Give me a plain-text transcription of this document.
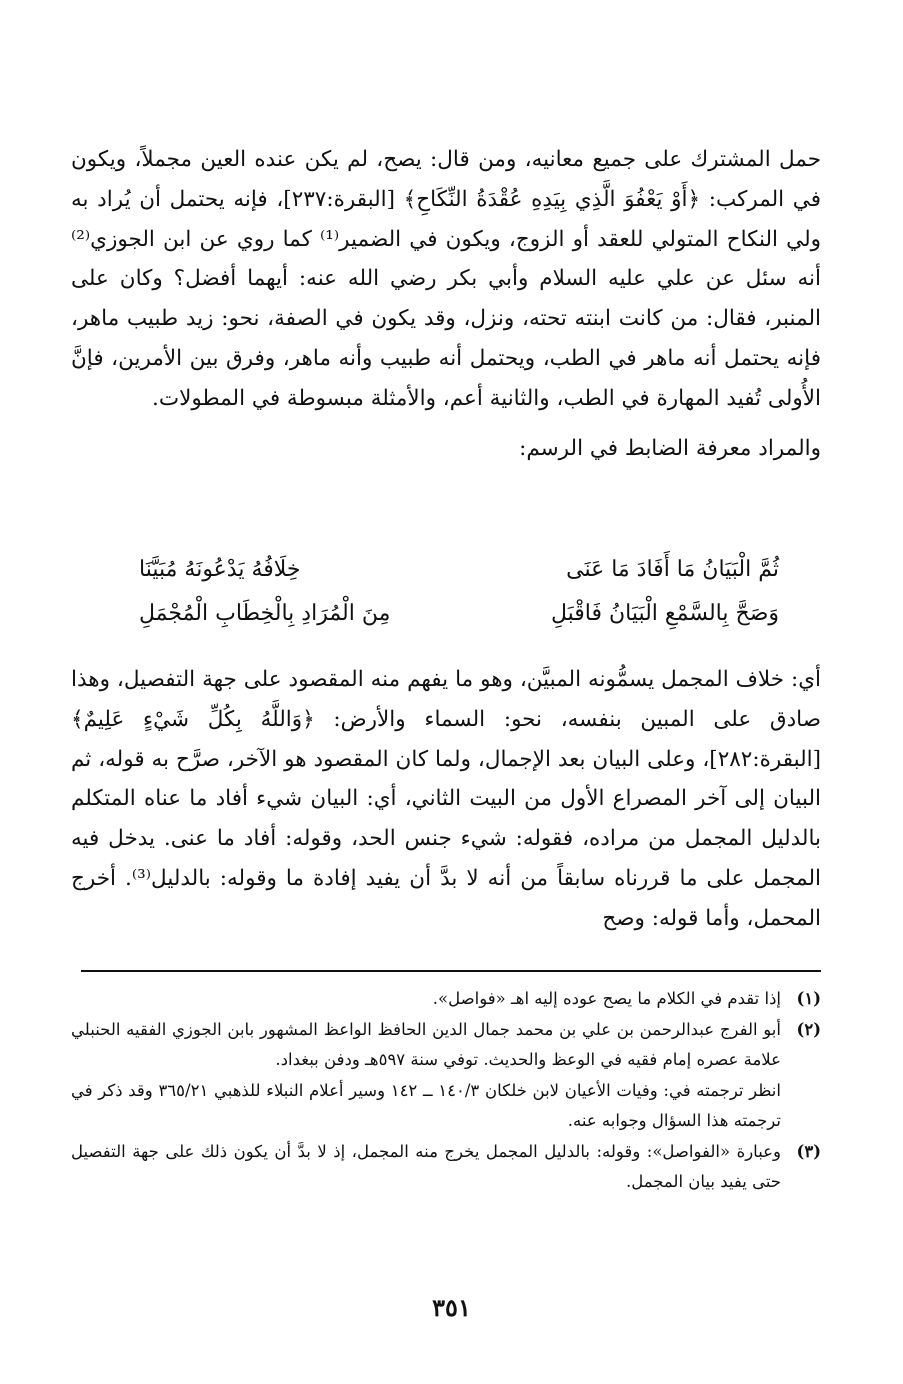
حمل المشترك على جميع معانيه، ومن قال: يصح، لم يكن عنده العين مجملاً، ويكون في المركب: ﴿أَوْ يَعْفُوَ الَّذِي بِيَدِهِ عُقْدَةُ النِّكَاحِ﴾ [البقرة:٢٣٧]، فإنه يحتمل أن يُراد به ولي النكاح المتولي للعقد أو الزوج، ويكون في الضمير⁽¹⁾ كما روي عن ابن الجوزي⁽²⁾ أنه سئل عن علي عليه السلام وأبي بكر رضي الله عنه: أيهما أفضل؟ وكان على المنبر، فقال: من كانت ابنته تحته، ونزل، وقد يكون في الصفة، نحو: زيد طبيب ماهر، فإنه يحتمل أنه ماهر في الطب، ويحتمل أنه طبيب وأنه ماهر، وفرق بين الأمرين، فإنَّ الأُولى تُفيد المهارة في الطب، والثانية أعم، والأمثلة مبسوطة في المطولات.

والمراد معرفة الضابط في الرسم:

ثُمَّ الْبَيَانُ مَا أَفَادَ مَا عَنَى
خِلَافُهُ يَدْعُونَهُ مُبَيَّنَا
وَصَحَّ بِالسَّمْعِ الْبَيَانُ فَاقْبَلِ
مِنَ الْمُرَادِ بِالْخِطَابِ الْمُجْمَلِ

أي: خلاف المجمل يسمُّونه المبيَّن، وهو ما يفهم منه المقصود على جهة التفصيل، وهذا صادق على المبين بنفسه، نحو: السماء والأرض: ﴿وَاللَّهُ بِكُلِّ شَيْءٍ عَلِيمٌ﴾ [البقرة:٢٨٢]، وعلى البيان بعد الإجمال، ولما كان المقصود هو الآخر، صرَّح به قوله، ثم البيان إلى آخر المصراع الأول من البيت الثاني، أي: البيان شيء أفاد ما عناه المتكلم بالدليل المجمل من مراده، فقوله: شيء جنس الحد، وقوله: أفاد ما عنى. يدخل فيه المجمل على ما قررناه سابقاً من أنه لا بدَّ أن يفيد إفادة ما وقوله: بالدليل⁽³⁾. أخرج المحمل، وأما قوله: وصح

(١)

إذا تقدم في الكلام ما يصح عوده إليه اهـ «فواصل».

(٢)

أبو الفرج عبدالرحمن بن علي بن محمد جمال الدين الحافظ الواعظ المشهور بابن الجوزي الفقيه الحنبلي علامة عصره إمام فقيه في الوعظ والحديث. توفي سنة ٥٩٧هـ ودفن ببغداد.

انظر ترجمته في: وفيات الأعيان لابن خلكان ١٤٠/٣ ــ ١٤٢ وسير أعلام النبلاء للذهبي ٣٦٥/٢١ وقد ذكر في ترجمته هذا السؤال وجوابه عنه.

(٣)

وعبارة «الفواصل»: وقوله: بالدليل المجمل يخرج منه المجمل، إذ لا بدَّ أن يكون ذلك على جهة التفصيل حتى يفيد بيان المجمل.

٣٥١
